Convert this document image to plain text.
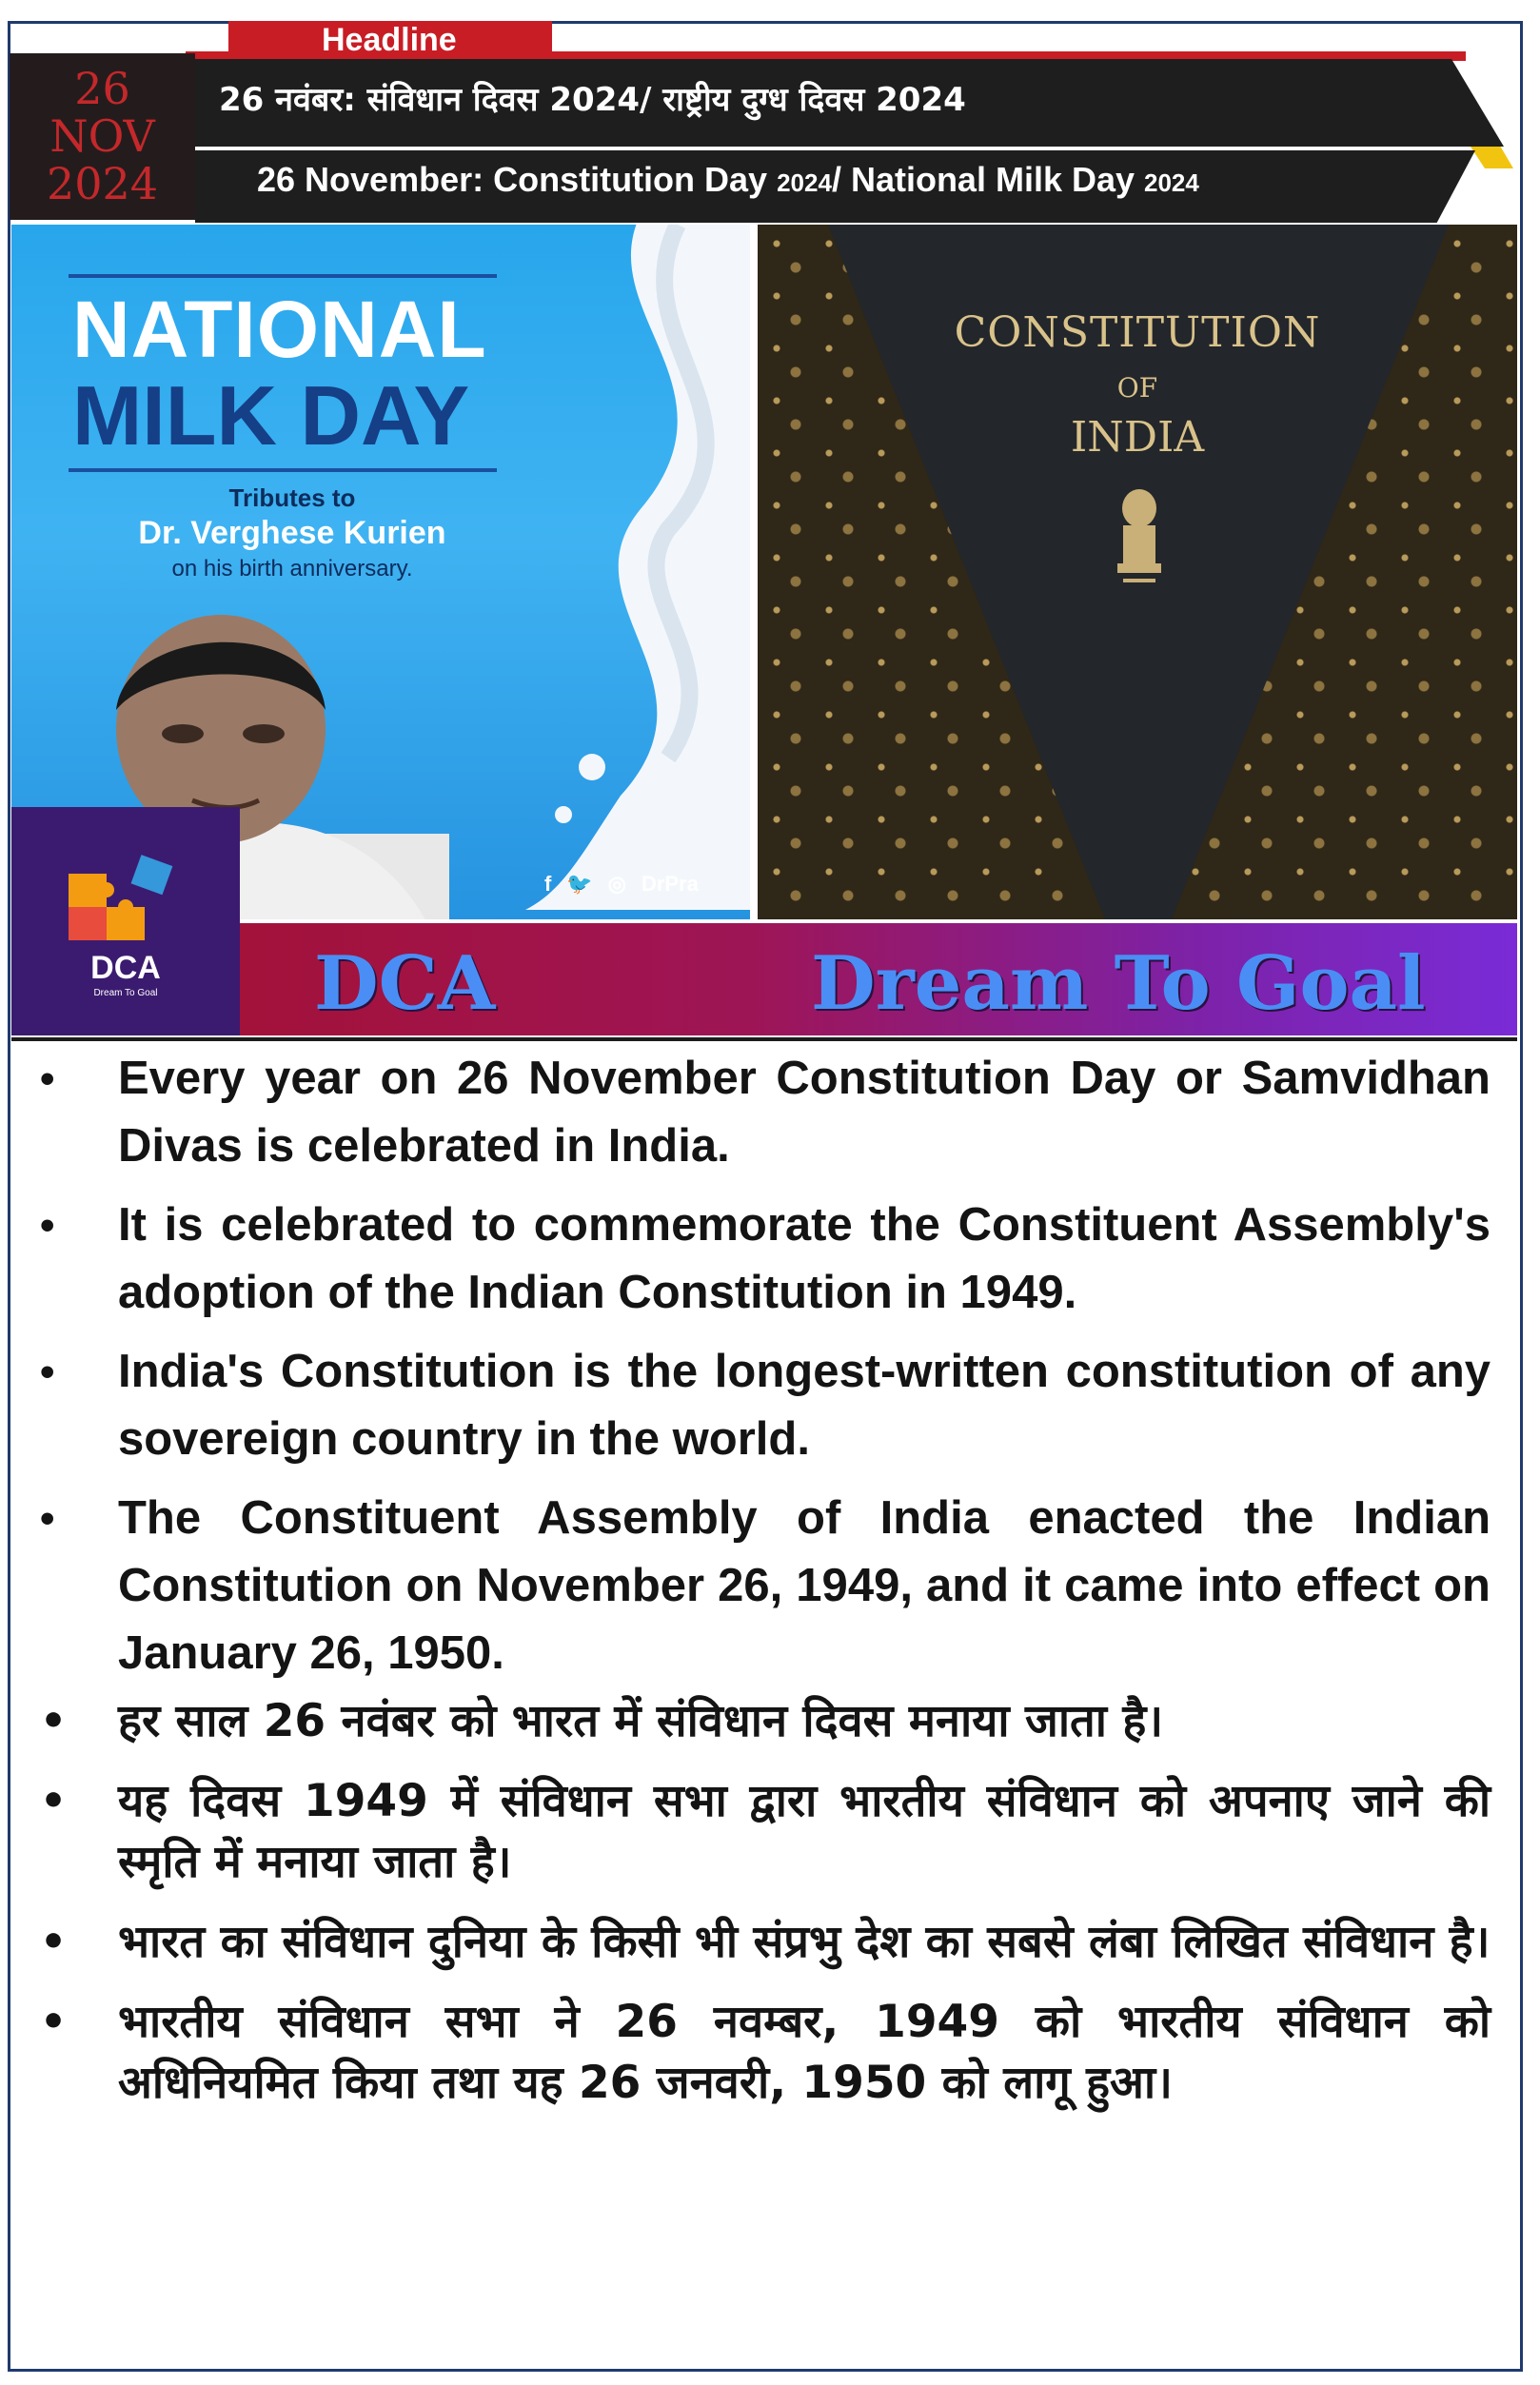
Headline
26
NOV
2024
26 नवंबर: संविधान दिवस 2024/ राष्ट्रीय दुग्ध दिवस 2024
26 November: Constitution Day 2024/ National Milk Day 2024
NATIONAL
MILK DAY
Tributes to
Dr. Verghese Kurien
on his birth anniversary.
f 🐦 ◎ DrPra
CONSTITUTION
OF
INDIA
DCA	Dream To Goal
DCA
Dream To Goal
• Every year on 26 November Constitution Day or Samvidhan Divas is celebrated in India.
• It is celebrated to commemorate the Constituent Assembly's adoption of the Indian Constitution in 1949.
• India's Constitution is the longest-written constitution of any sovereign country in the world.
• The Constituent Assembly of India enacted the Indian Constitution on November 26, 1949, and it came into effect on January 26, 1950.
• हर साल 26 नवंबर को भारत में संविधान दिवस मनाया जाता है।
• यह दिवस 1949 में संविधान सभा द्वारा भारतीय संविधान को अपनाए जाने की स्मृति में मनाया जाता है।
• भारत का संविधान दुनिया के किसी भी संप्रभु देश का सबसे लंबा लिखित संविधान है।
• भारतीय संविधान सभा ने 26 नवम्बर, 1949 को भारतीय संविधान को अधिनियमित किया तथा यह 26 जनवरी, 1950 को लागू हुआ।
